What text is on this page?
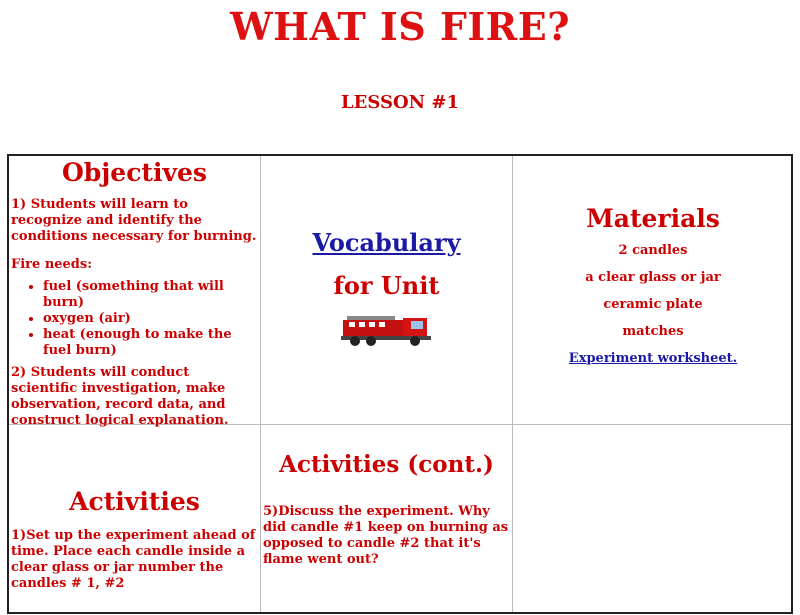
WHAT IS FIRE?
LESSON #1
Objectives
1) Students will learn to recognize and identify the conditions necessary for burning.
Fire needs:
• fuel (something that will burn)
• oxygen (air)
• heat (enough to make the fuel burn)
2) Students will conduct scientific investigation, make observation, record data, and construct logical explanation.
Vocabulary
for Unit
Materials
2 candles
a clear glass or jar
ceramic plate
matches
Experiment worksheet.
Activities
1)Set up the experiment ahead of time. Place each candle inside a clear glass or jar number the candles # 1, #2
Activities (cont.)
5)Discuss the experiment. Why did candle #1 keep on burning as opposed to candle #2 that it's flame went out?
